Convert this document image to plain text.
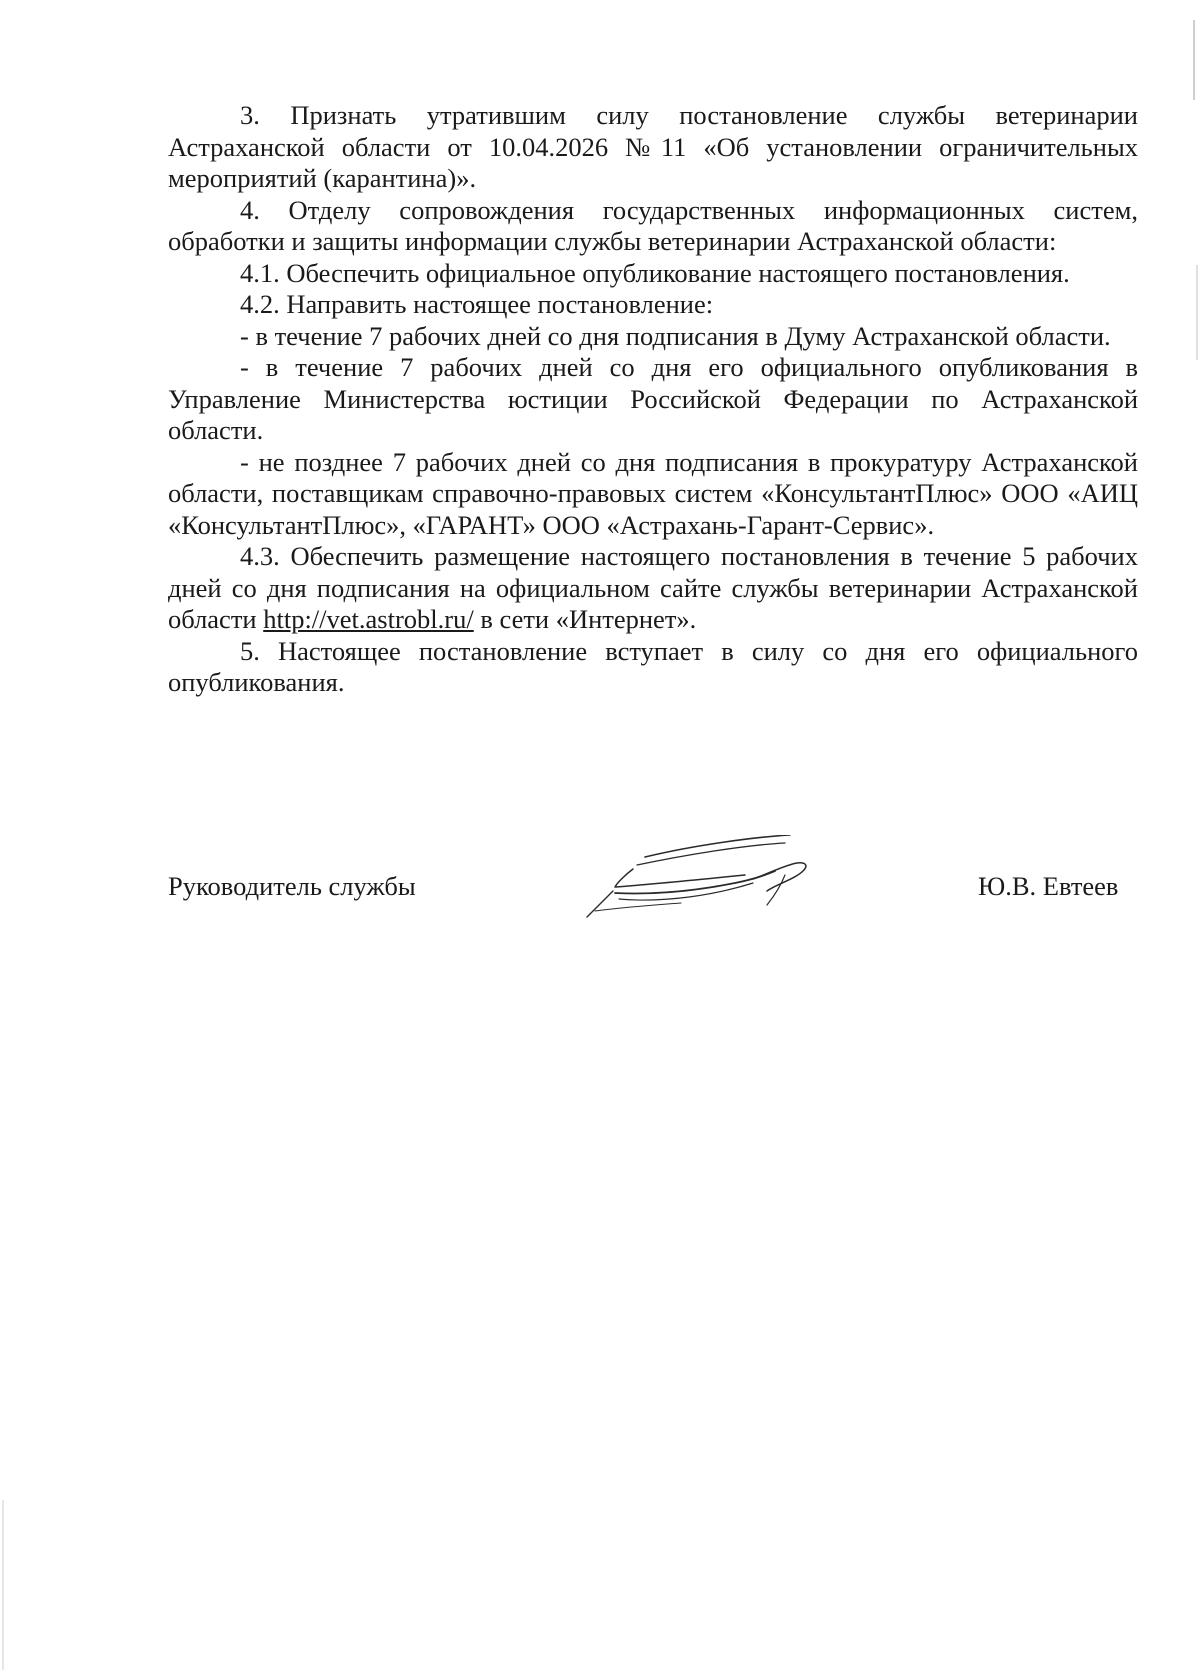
3. Признать утратившим силу постановление службы ветеринарии Астраханской области от 10.04.2026 №11 «Об установлении ограничительных мероприятий (карантина)».

4. Отделу сопровождения государственных информационных систем, обработки и защиты информации службы ветеринарии Астраханской области:

4.1. Обеспечить официальное опубликование настоящего постановления.

4.2. Направить настоящее постановление:

- в течение 7 рабочих дней со дня подписания в Думу Астраханской области.

- в течение 7 рабочих дней со дня его официального опубликования в Управление Министерства юстиции Российской Федерации по Астраханской области.

- не позднее 7 рабочих дней со дня подписания в прокуратуру Астраханской области, поставщикам справочно-правовых систем «КонсультантПлюс» ООО «АИЦ «КонсультантПлюс», «ГАРАНТ» ООО «Астрахань-Гарант-Сервис».

4.3. Обеспечить размещение настоящего постановления в течение 5 рабочих дней со дня подписания на официальном сайте службы ветеринарии Астраханской области http://vet.astrobl.ru/ в сети «Интернет».

5. Настоящее постановление вступает в силу со дня его официального опубликования.

Руководитель службы	Ю.В. Евтеев
